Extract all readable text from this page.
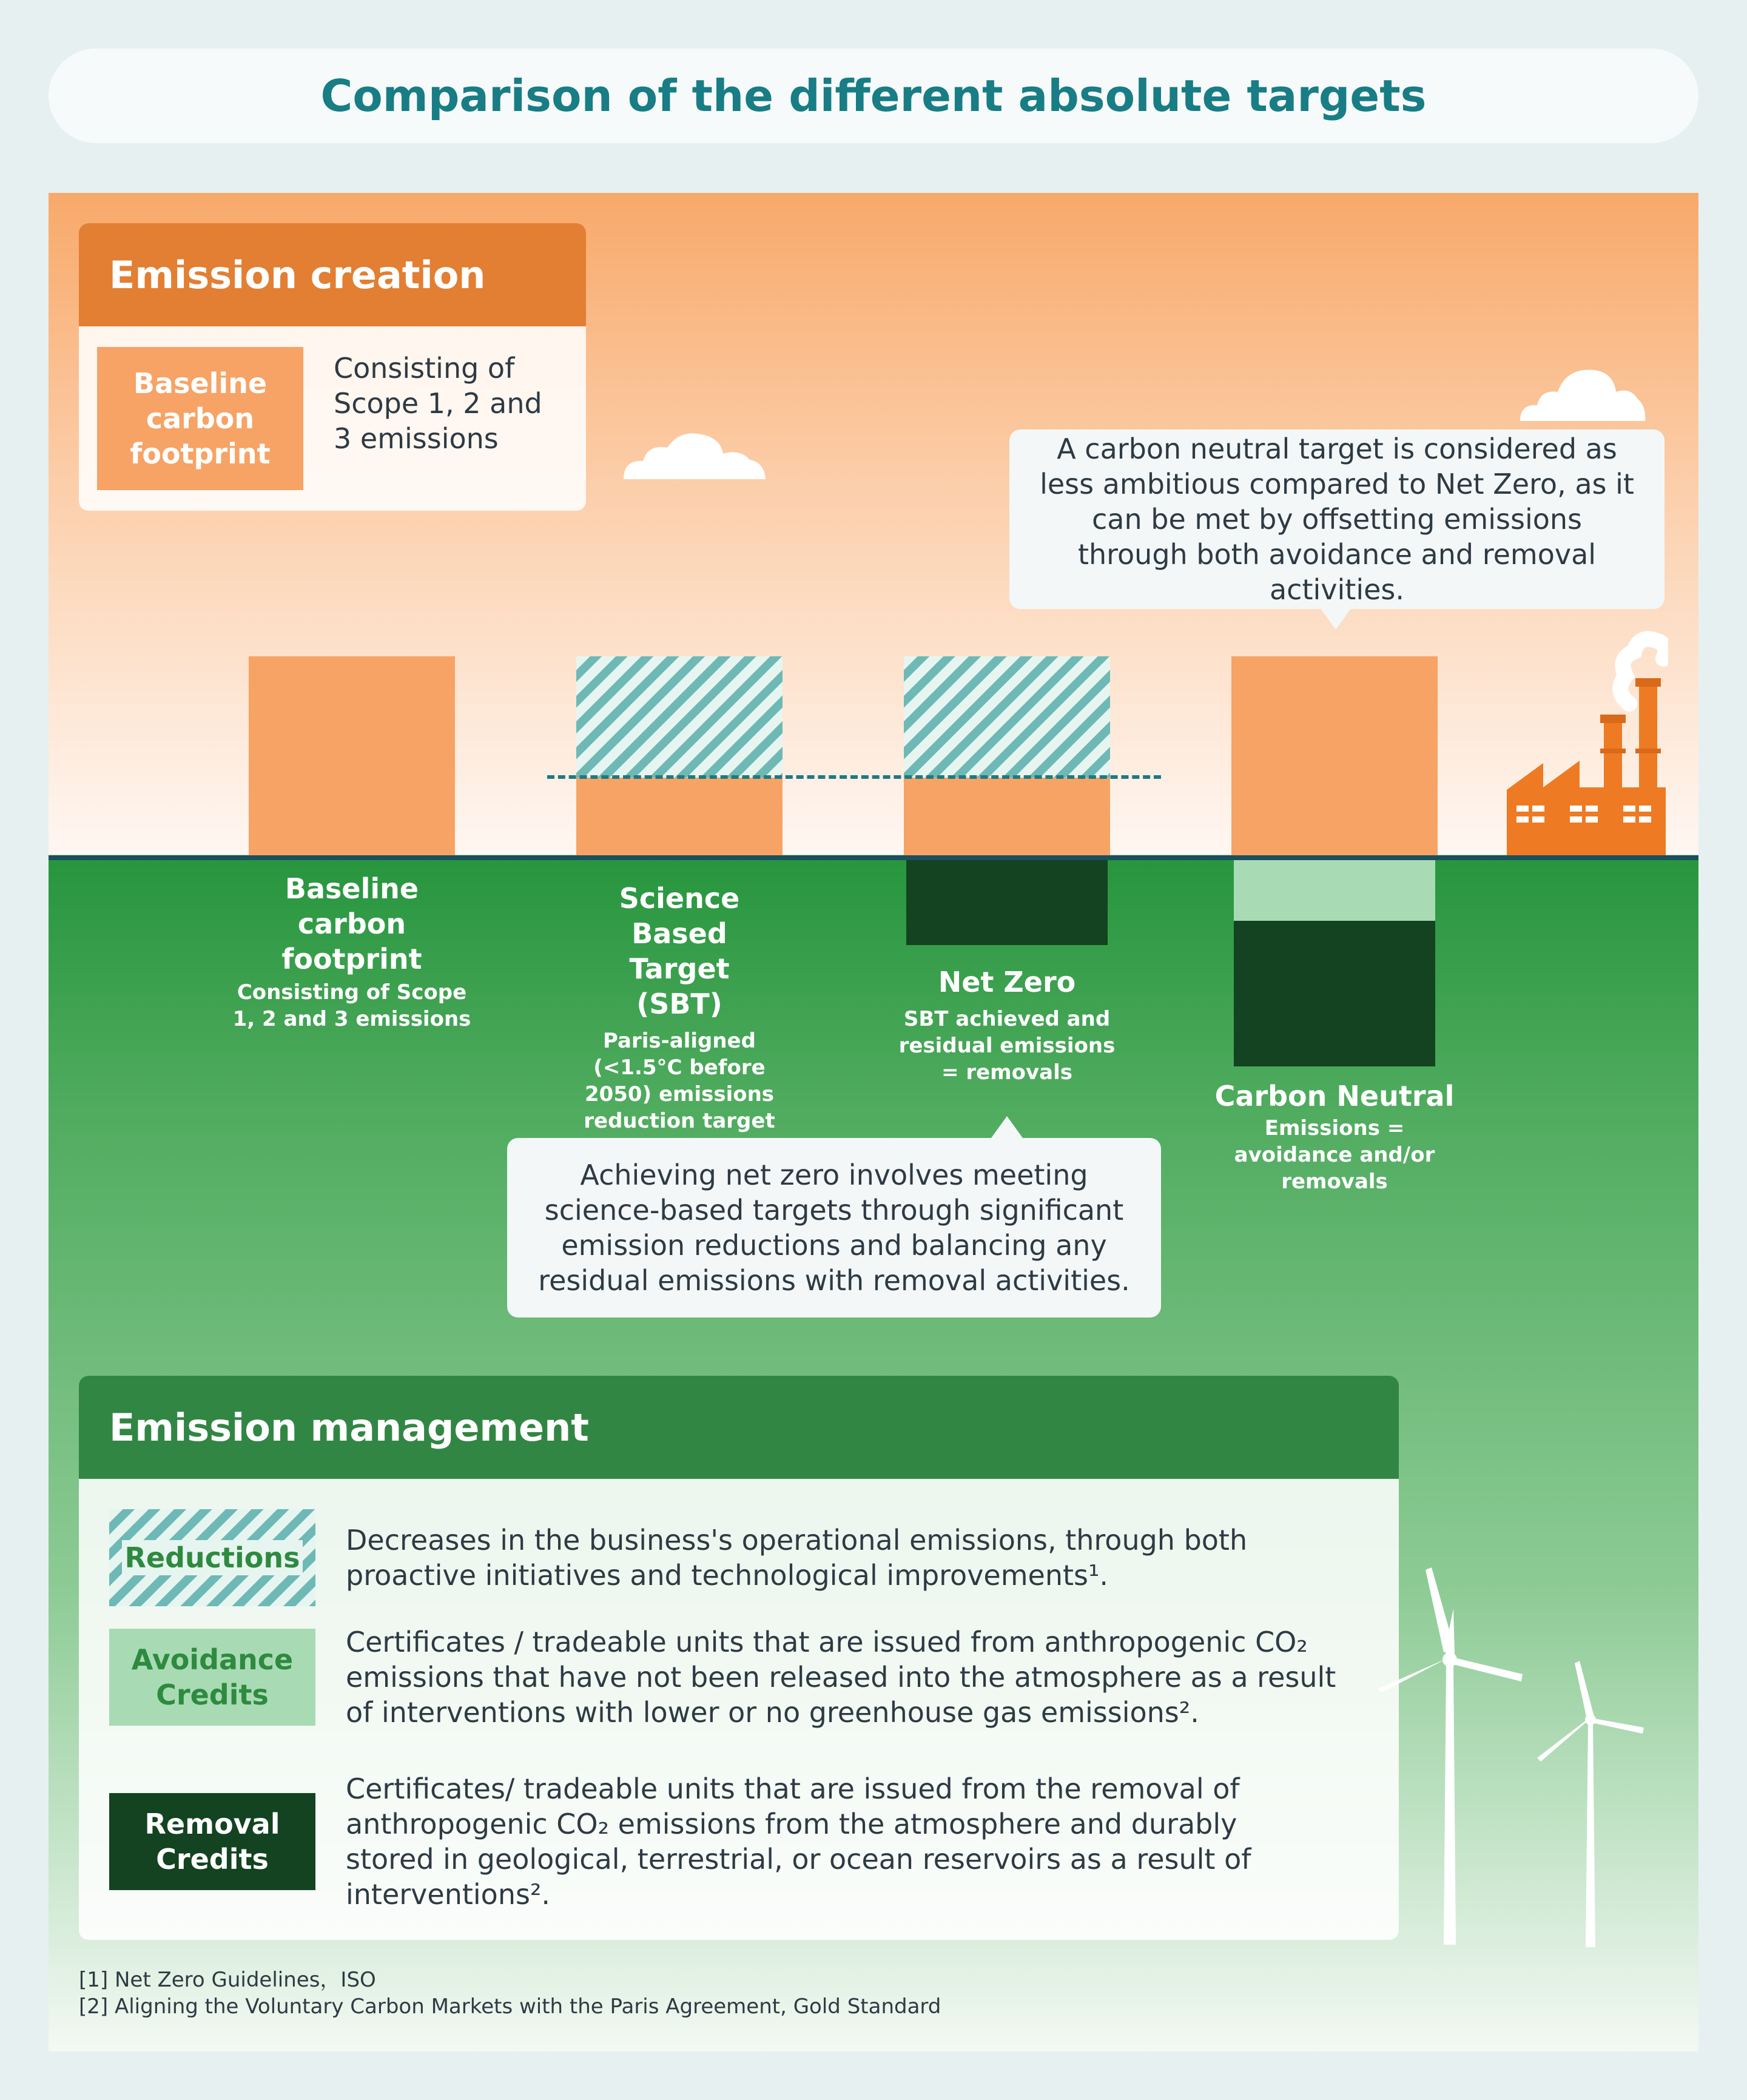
Comparison of the different absolute targets
Emission creation
Baseline carbon footprint
Consisting of Scope 1, 2 and 3 emissions	A carbon neutral target is considered as less ambitious compared to Net Zero, as it can be met by offsetting emissions through both avoidance and removal activities.
Baseline carbon footprint
Consisting of Scope 1, 2 and 3 emissions
Science Based Target (SBT)
Paris-aligned (<1.5°C before 2050) emissions reduction target
Net Zero
SBT achieved and residual emissions = removals
Carbon Neutral
Emissions = avoidance and/or removals
Achieving net zero involves meeting science-based targets through significant emission reductions and balancing any residual emissions with removal activities.
Emission management
Reductions
Decreases in the business's operational emissions, through both proactive initiatives and technological improvements¹.
Avoidance Credits
Certificates / tradeable units that are issued from anthropogenic CO₂ emissions that have not been released into the atmosphere as a result of interventions with lower or no greenhouse gas emissions².
Removal Credits
Certificates/ tradeable units that are issued from the removal of anthropogenic CO₂ emissions from the atmosphere and durably stored in geological, terrestrial, or ocean reservoirs as a result of interventions².
[1] Net Zero Guidelines，ISO
[2] Aligning the Voluntary Carbon Markets with the Paris Agreement, Gold Standard
